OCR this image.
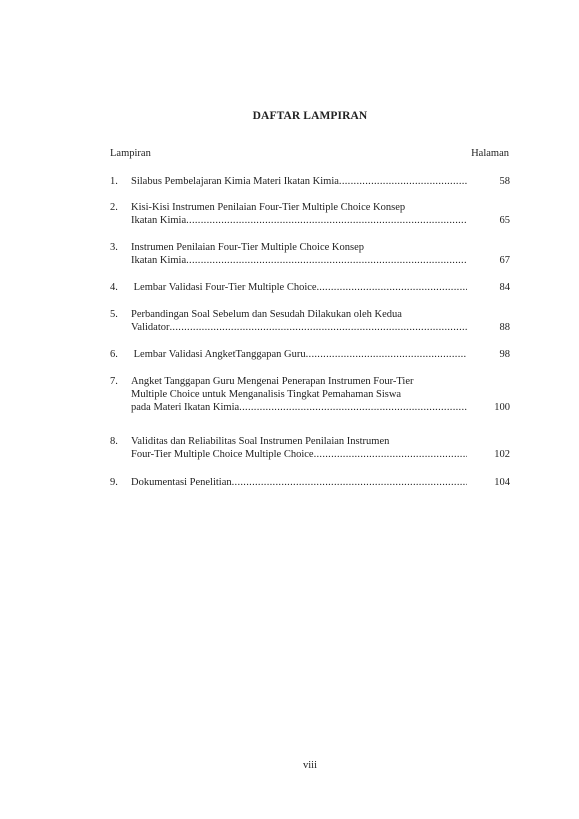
DAFTAR LAMPIRAN
Lampiran	Halaman
1. Silabus Pembelajaran Kimia Materi Ikatan Kimia .....	58
2. Kisi-Kisi Instrumen Penilaian Four-Tier Multiple Choice Konsep
Ikatan Kimia .....	65
3. Instrumen Penilaian Four-Tier Multiple Choice Konsep
Ikatan Kimia .....	67
4. Lembar Validasi Four-Tier Multiple Choice. .....	84
5. Perbandingan Soal Sebelum dan Sesudah Dilakukan oleh Kedua
Validator .....	88
6. Lembar Validasi AngketTanggapan Guru .....	98
7. Angket Tanggapan Guru Mengenai Penerapan Instrumen Four-Tier
Multiple Choice untuk Menganalisis Tingkat Pemahaman Siswa
pada Materi Ikatan Kimia .....	100
8. Validitas dan Reliabilitas Soal Instrumen Penilaian Instrumen
Four-Tier Multiple Choice Multiple Choice .....	102
9. Dokumentasi Penelitian .....	104
viii
